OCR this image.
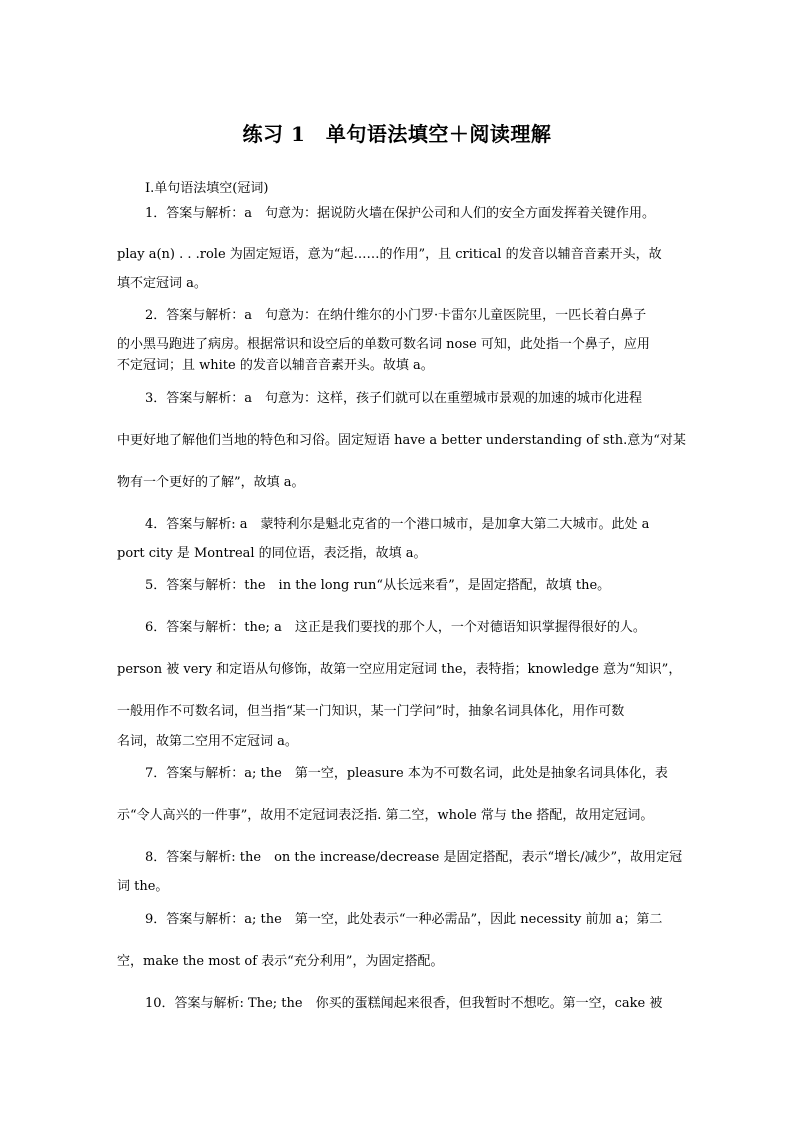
练习 1　单句语法填空＋阅读理解
Ⅰ.单句语法填空(冠词)
1．答案与解析：a　句意为：据说防火墙在保护公司和人们的安全方面发挥着关键作用。
play a(n) . . .role 为固定短语，意为“起……的作用”，且 critical 的发音以辅音音素开头，故
填不定冠词 a。
2．答案与解析：a　句意为：在纳什维尔的小门罗·卡雷尔儿童医院里，一匹长着白鼻子
的小黑马跑进了病房。根据常识和设空后的单数可数名词 nose 可知，此处指一个鼻子，应用
不定冠词；且 white 的发音以辅音音素开头。故填 a。
3．答案与解析：a　句意为：这样，孩子们就可以在重塑城市景观的加速的城市化进程
中更好地了解他们当地的特色和习俗。固定短语 have a better understanding of sth.意为“对某
物有一个更好的了解”，故填 a。
4．答案与解析: a　蒙特利尔是魁北克省的一个港口城市，是加拿大第二大城市。此处 a
port city 是 Montreal 的同位语，表泛指，故填 a。
5．答案与解析：the　in the long run“从长远来看”，是固定搭配，故填 the。
6．答案与解析：the; a　这正是我们要找的那个人，一个对德语知识掌握得很好的人。
person 被 very 和定语从句修饰，故第一空应用定冠词 the，表特指；knowledge 意为“知识”，
一般用作不可数名词，但当指“某一门知识，某一门学问”时，抽象名词具体化，用作可数
名词，故第二空用不定冠词 a。
7．答案与解析：a; the　第一空，pleasure 本为不可数名词，此处是抽象名词具体化，表
示“令人高兴的一件事”，故用不定冠词表泛指. 第二空，whole 常与 the 搭配，故用定冠词。
8．答案与解析: the　on the increase/decrease 是固定搭配，表示“增长/减少”，故用定冠
词 the。
9．答案与解析：a; the　第一空，此处表示“一种必需品”，因此 necessity 前加 a；第二
空，make the most of 表示“充分利用”，为固定搭配。
10．答案与解析: The; the　你买的蛋糕闻起来很香，但我暂时不想吃。第一空，cake 被
